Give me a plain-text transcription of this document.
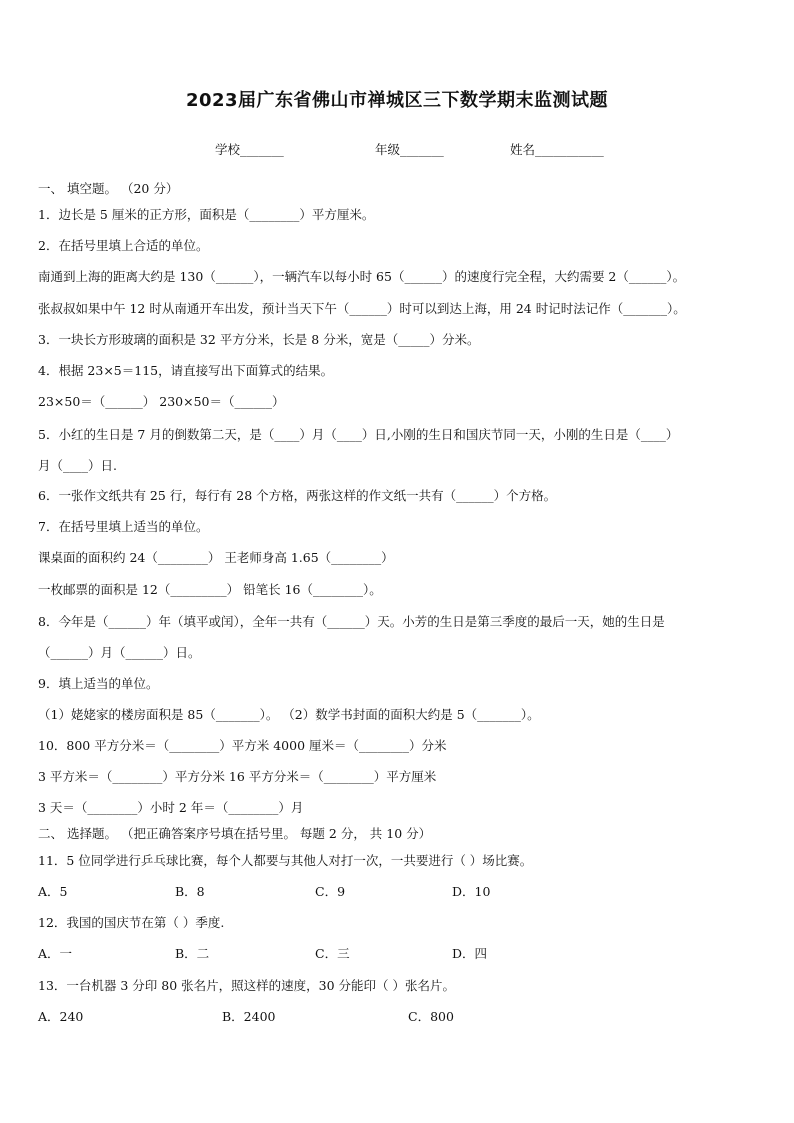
2023届广东省佛山市禅城区三下数学期末监测试题
学校_______	年级_______	姓名___________
一、 填空题。 （20 分）
1．边长是 5 厘米的正方形，面积是（________）平方厘米。
2．在括号里填上合适的单位。
南通到上海的距离大约是 130（______），一辆汽车以每小时 65（______）的速度行完全程，大约需要 2（______）。
张叔叔如果中午 12 时从南通开车出发，预计当天下午（______）时可以到达上海，用 24 时记时法记作（_______）。
3．一块长方形玻璃的面积是 32 平方分米，长是 8 分米，宽是（_____）分米。
4．根据 23×5＝115，请直接写出下面算式的结果。
23×50＝（______） 230×50＝（______）
5．小红的生日是 7 月的倒数第二天，是（____）月（____）日,小刚的生日和国庆节同一天，小刚的生日是（____）
月（____）日.
6．一张作文纸共有 25 行，每行有 28 个方格，两张这样的作文纸一共有（______）个方格。
7．在括号里填上适当的单位。
课桌面的面积约 24（________） 王老师身高 1.65（________）
一枚邮票的面积是 12（_________） 铅笔长 16（________）。
8．今年是（______）年（填平或闰），全年一共有（______）天。小芳的生日是第三季度的最后一天，她的生日是
（______）月（______）日。
9．填上适当的单位。
（1）姥姥家的楼房面积是 85（_______）。 （2）数学书封面的面积大约是 5（_______）。
10．800 平方分米＝（________）平方米 4000 厘米＝（________）分米
3 平方米＝（________）平方分米 16 平方分米＝（________）平方厘米
3 天＝（________）小时 2 年＝（________）月
二、 选择题。 （把正确答案序号填在括号里。 每题 2 分， 共 10 分）
11．5 位同学进行乒乓球比赛，每个人都要与其他人对打一次，一共要进行（ ）场比赛。
A．5	B．8	C．9	D．10
12．我国的国庆节在第（ ）季度.
A．一	B．二	C．三	D．四
13．一台机器 3 分印 80 张名片，照这样的速度，30 分能印（ ）张名片。
A．240	B．2400	C．800
